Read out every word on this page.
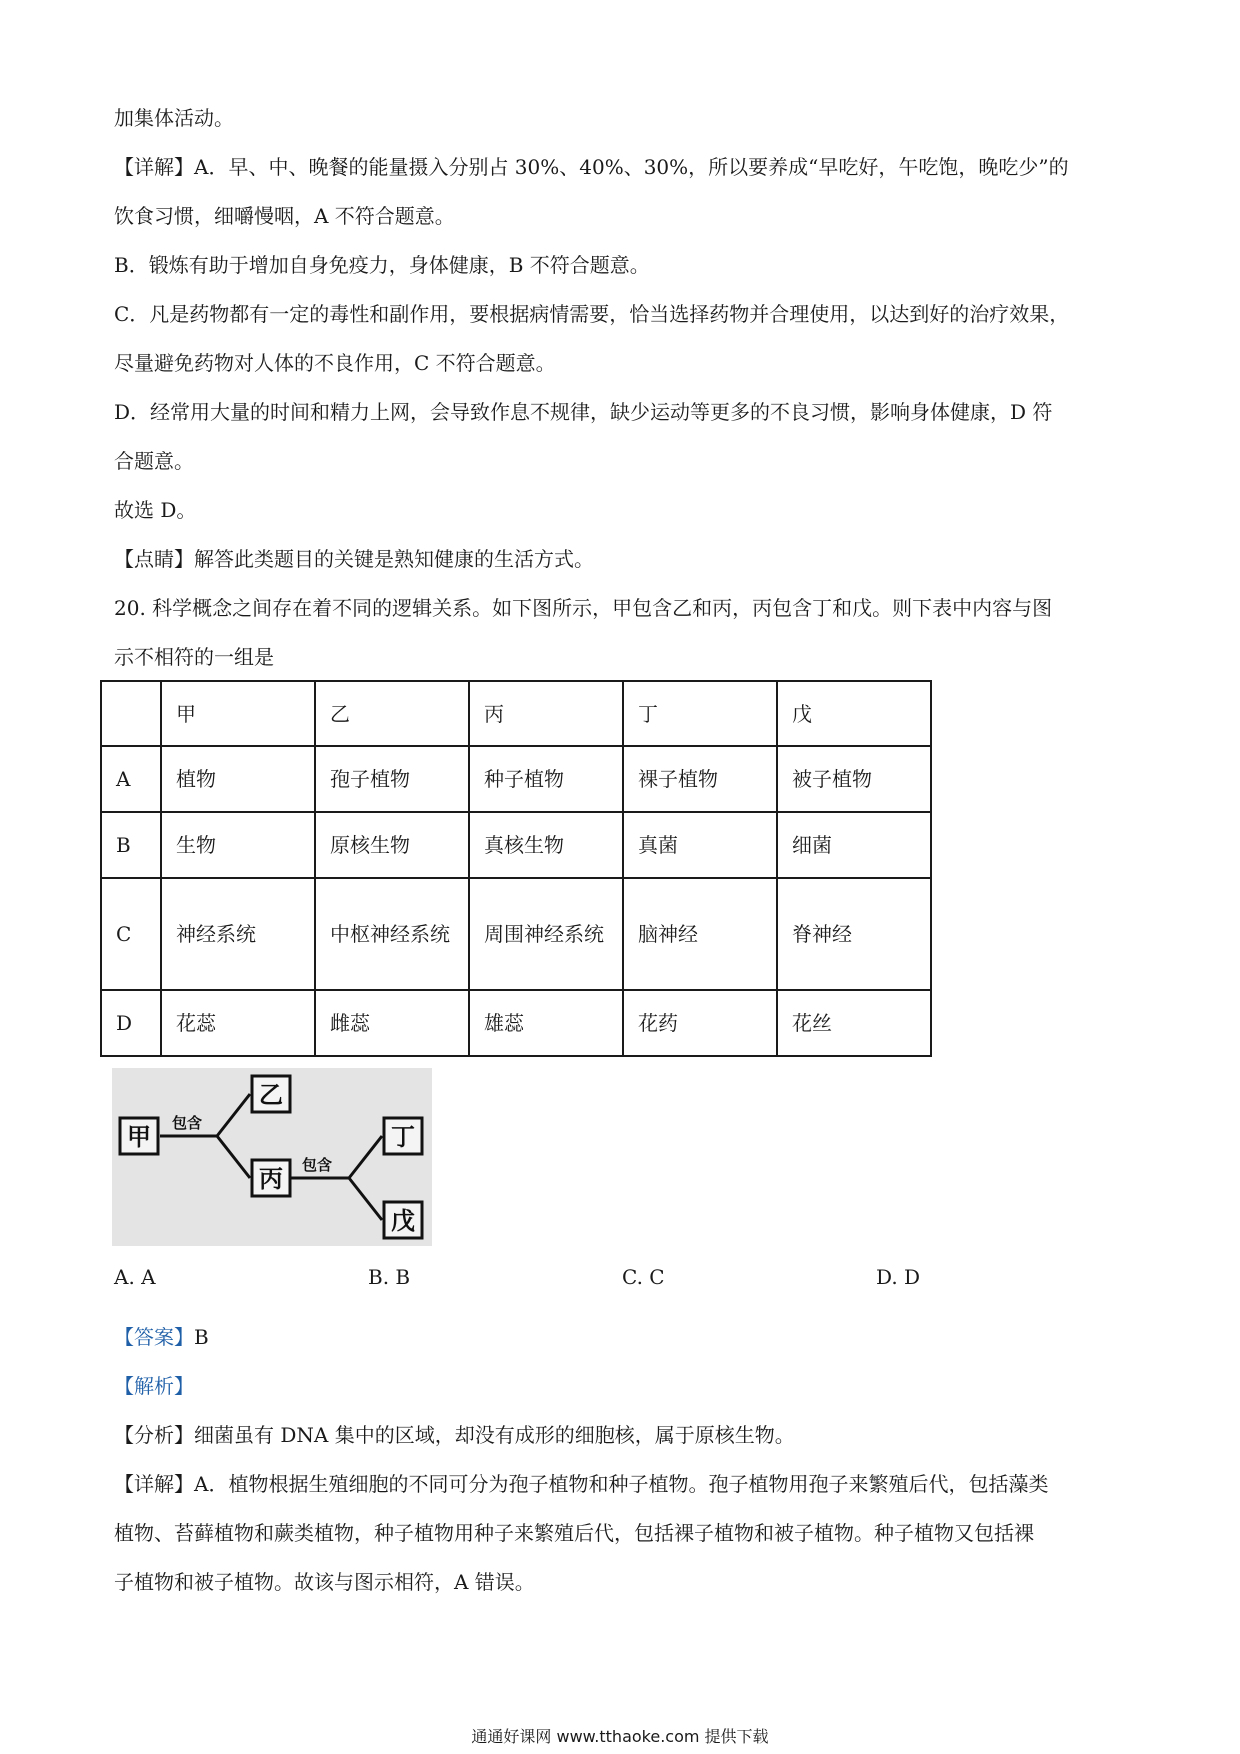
加集体活动。
【详解】A．早、中、晚餐的能量摄入分别占 30%、40%、30%，所以要养成“早吃好，午吃饱，晚吃少”的
饮食习惯，细嚼慢咽，A 不符合题意。
B．锻炼有助于增加自身免疫力，身体健康，B 不符合题意。
C．凡是药物都有一定的毒性和副作用，要根据病情需要，恰当选择药物并合理使用，以达到好的治疗效果，
尽量避免药物对人体的不良作用，C 不符合题意。
D．经常用大量的时间和精力上网，会导致作息不规律，缺少运动等更多的不良习惯，影响身体健康，D 符
合题意。
故选 D。
【点睛】解答此类题目的关键是熟知健康的生活方式。
20. 科学概念之间存在着不同的逻辑关系。如下图所示，甲包含乙和丙，丙包含丁和戊。则下表中内容与图
示不相符的一组是
	甲	乙	丙	丁	戊
A	植物	孢子植物	种子植物	裸子植物	被子植物
B	生物	原核生物	真核生物	真菌	细菌
C	神经系统	中枢神经系统	周围神经系统	脑神经	脊神经
D	花蕊	雌蕊	雄蕊	花药	花丝
甲
乙
丙
丁
戊
包含
包含
A. A	B. B	C. C	D. D
【答案】B
【解析】
【分析】细菌虽有 DNA 集中的区域，却没有成形的细胞核，属于原核生物。
【详解】A．植物根据生殖细胞的不同可分为孢子植物和种子植物。孢子植物用孢子来繁殖后代，包括藻类
植物、苔藓植物和蕨类植物，种子植物用种子来繁殖后代，包括裸子植物和被子植物。种子植物又包括裸
子植物和被子植物。故该与图示相符，A 错误。
通通好课网 www.tthaoke.com 提供下载
